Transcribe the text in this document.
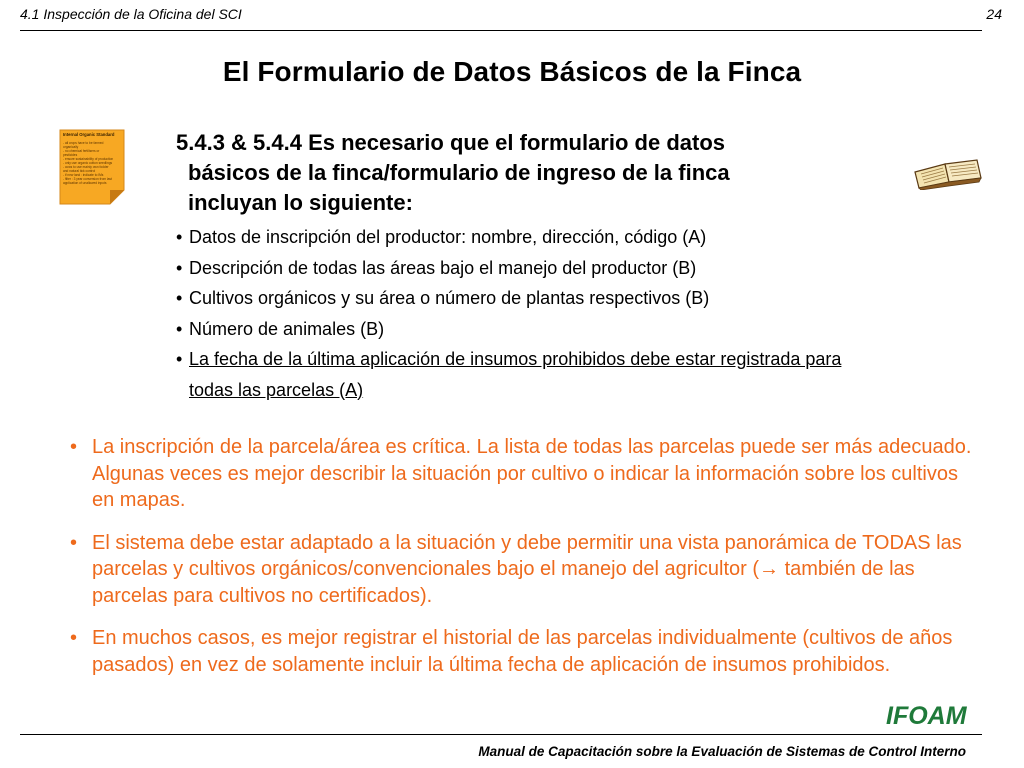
4.1 Inspección de la Oficina del SCI	24
El Formulario de Datos Básicos de la Finca
Internal Organic Standard
- all crops have to be farmed
organically
- no chemical fertilisers or
pesticides
- ensure sustainability of production
- only use organic cotton seedlings
- cows to use mainly own fodder
and natural tick control
- if new land : indicate to IMs
- filter : 3 year conversion from last
application of unallowed inputs
5.4.3 & 5.4.4 Es necesario que el formulario de datos
básicos de la finca/formulario de ingreso de la finca
incluyan lo siguiente:
• Datos de inscripción del productor: nombre, dirección, código (A)
• Descripción de todas las áreas bajo el manejo del productor (B)
• Cultivos orgánicos y su área o número de plantas respectivos (B)
• Número de animales (B)
• La fecha de la última aplicación de insumos prohibidos debe estar registrada para
todas las parcelas (A)
• La inscripción de la parcela/área es crítica. La lista de todas las parcelas puede ser más adecuado. Algunas veces es mejor describir la situación por cultivo o indicar la información sobre los cultivos en mapas.
• El sistema debe estar adaptado a la situación y debe permitir una vista panorámica de TODAS las parcelas y cultivos orgánicos/convencionales bajo el manejo del agricultor (→ también de las parcelas para cultivos no certificados).
• En muchos casos, es mejor registrar el historial de las parcelas individualmente (cultivos de años pasados) en vez de solamente incluir la última fecha de aplicación de insumos prohibidos.
IFOAM
Manual de Capacitación sobre la Evaluación de Sistemas de Control Interno
